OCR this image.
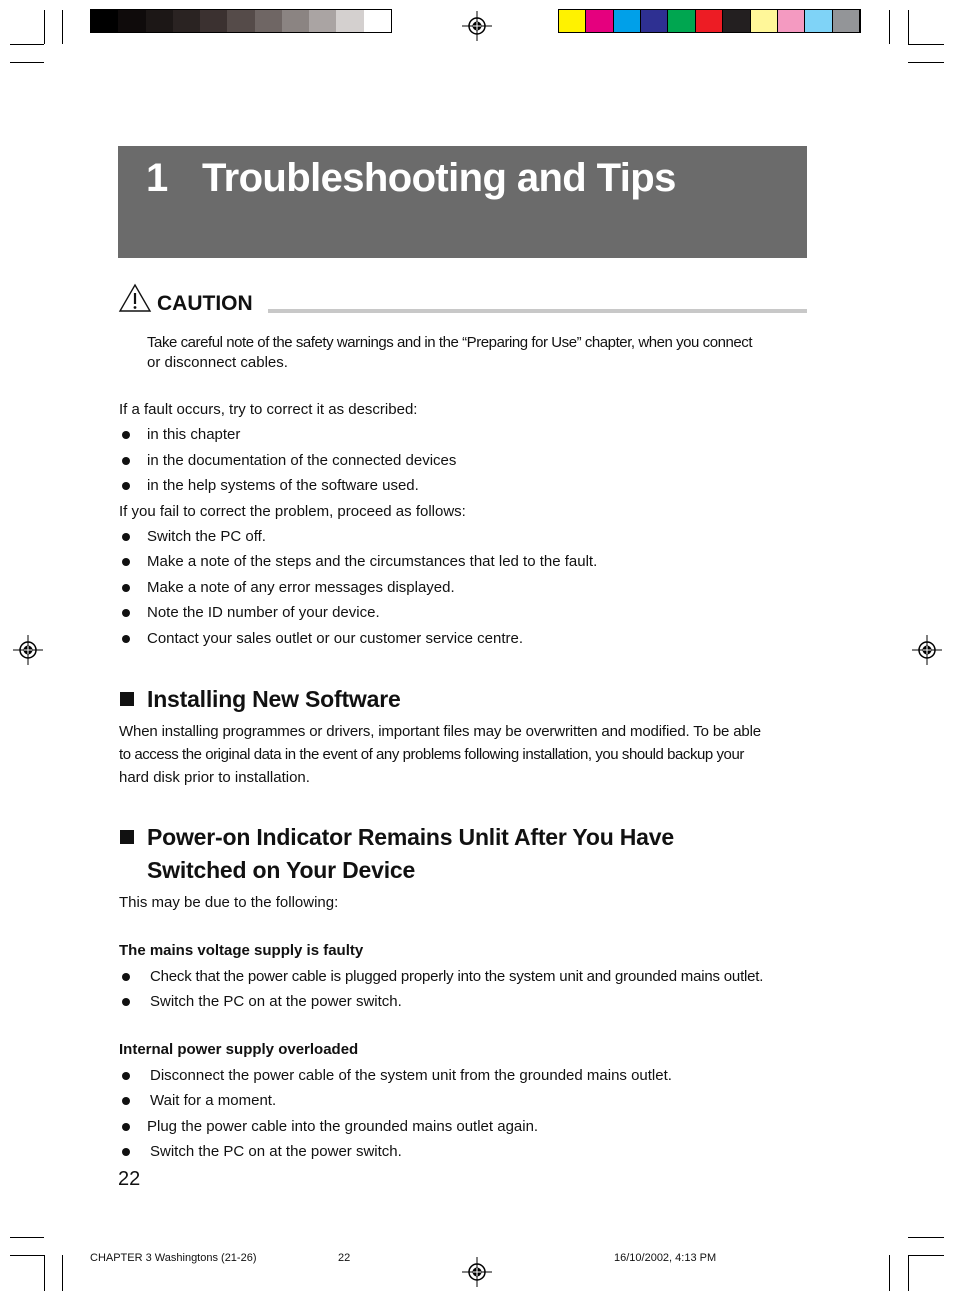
1 Troubleshooting and Tips
CAUTION
Take careful note of the safety warnings and in the “Preparing for Use” chapter, when you connect
or disconnect cables.
If a fault occurs, try to correct it as described:
in this chapter
in the documentation of the connected devices
in the help systems of the software used.
If you fail to correct the problem, proceed as follows:
Switch the PC off.
Make a note of the steps and the circumstances that led to the fault.
Make a note of any error messages displayed.
Note the ID number of your device.
Contact your sales outlet or our customer service centre.
Installing New Software
When installing programmes or drivers, important files may be overwritten and modified. To be able
to access the original data in the event of any problems following installation, you should backup your
hard disk prior to installation.
Power-on Indicator Remains Unlit After You Have
Switched on Your Device
This may be due to the following:
The mains voltage supply is faulty
Check that the power cable is plugged properly into the system unit and grounded mains outlet.
Switch the PC on at the power switch.
Internal power supply overloaded
Disconnect the power cable of the system unit from the grounded mains outlet.
Wait for a moment.
Plug the power cable into the grounded mains outlet again.
Switch the PC on at the power switch.
22
CHAPTER 3 Washingtons (21-26)	22	16/10/2002, 4:13 PM
